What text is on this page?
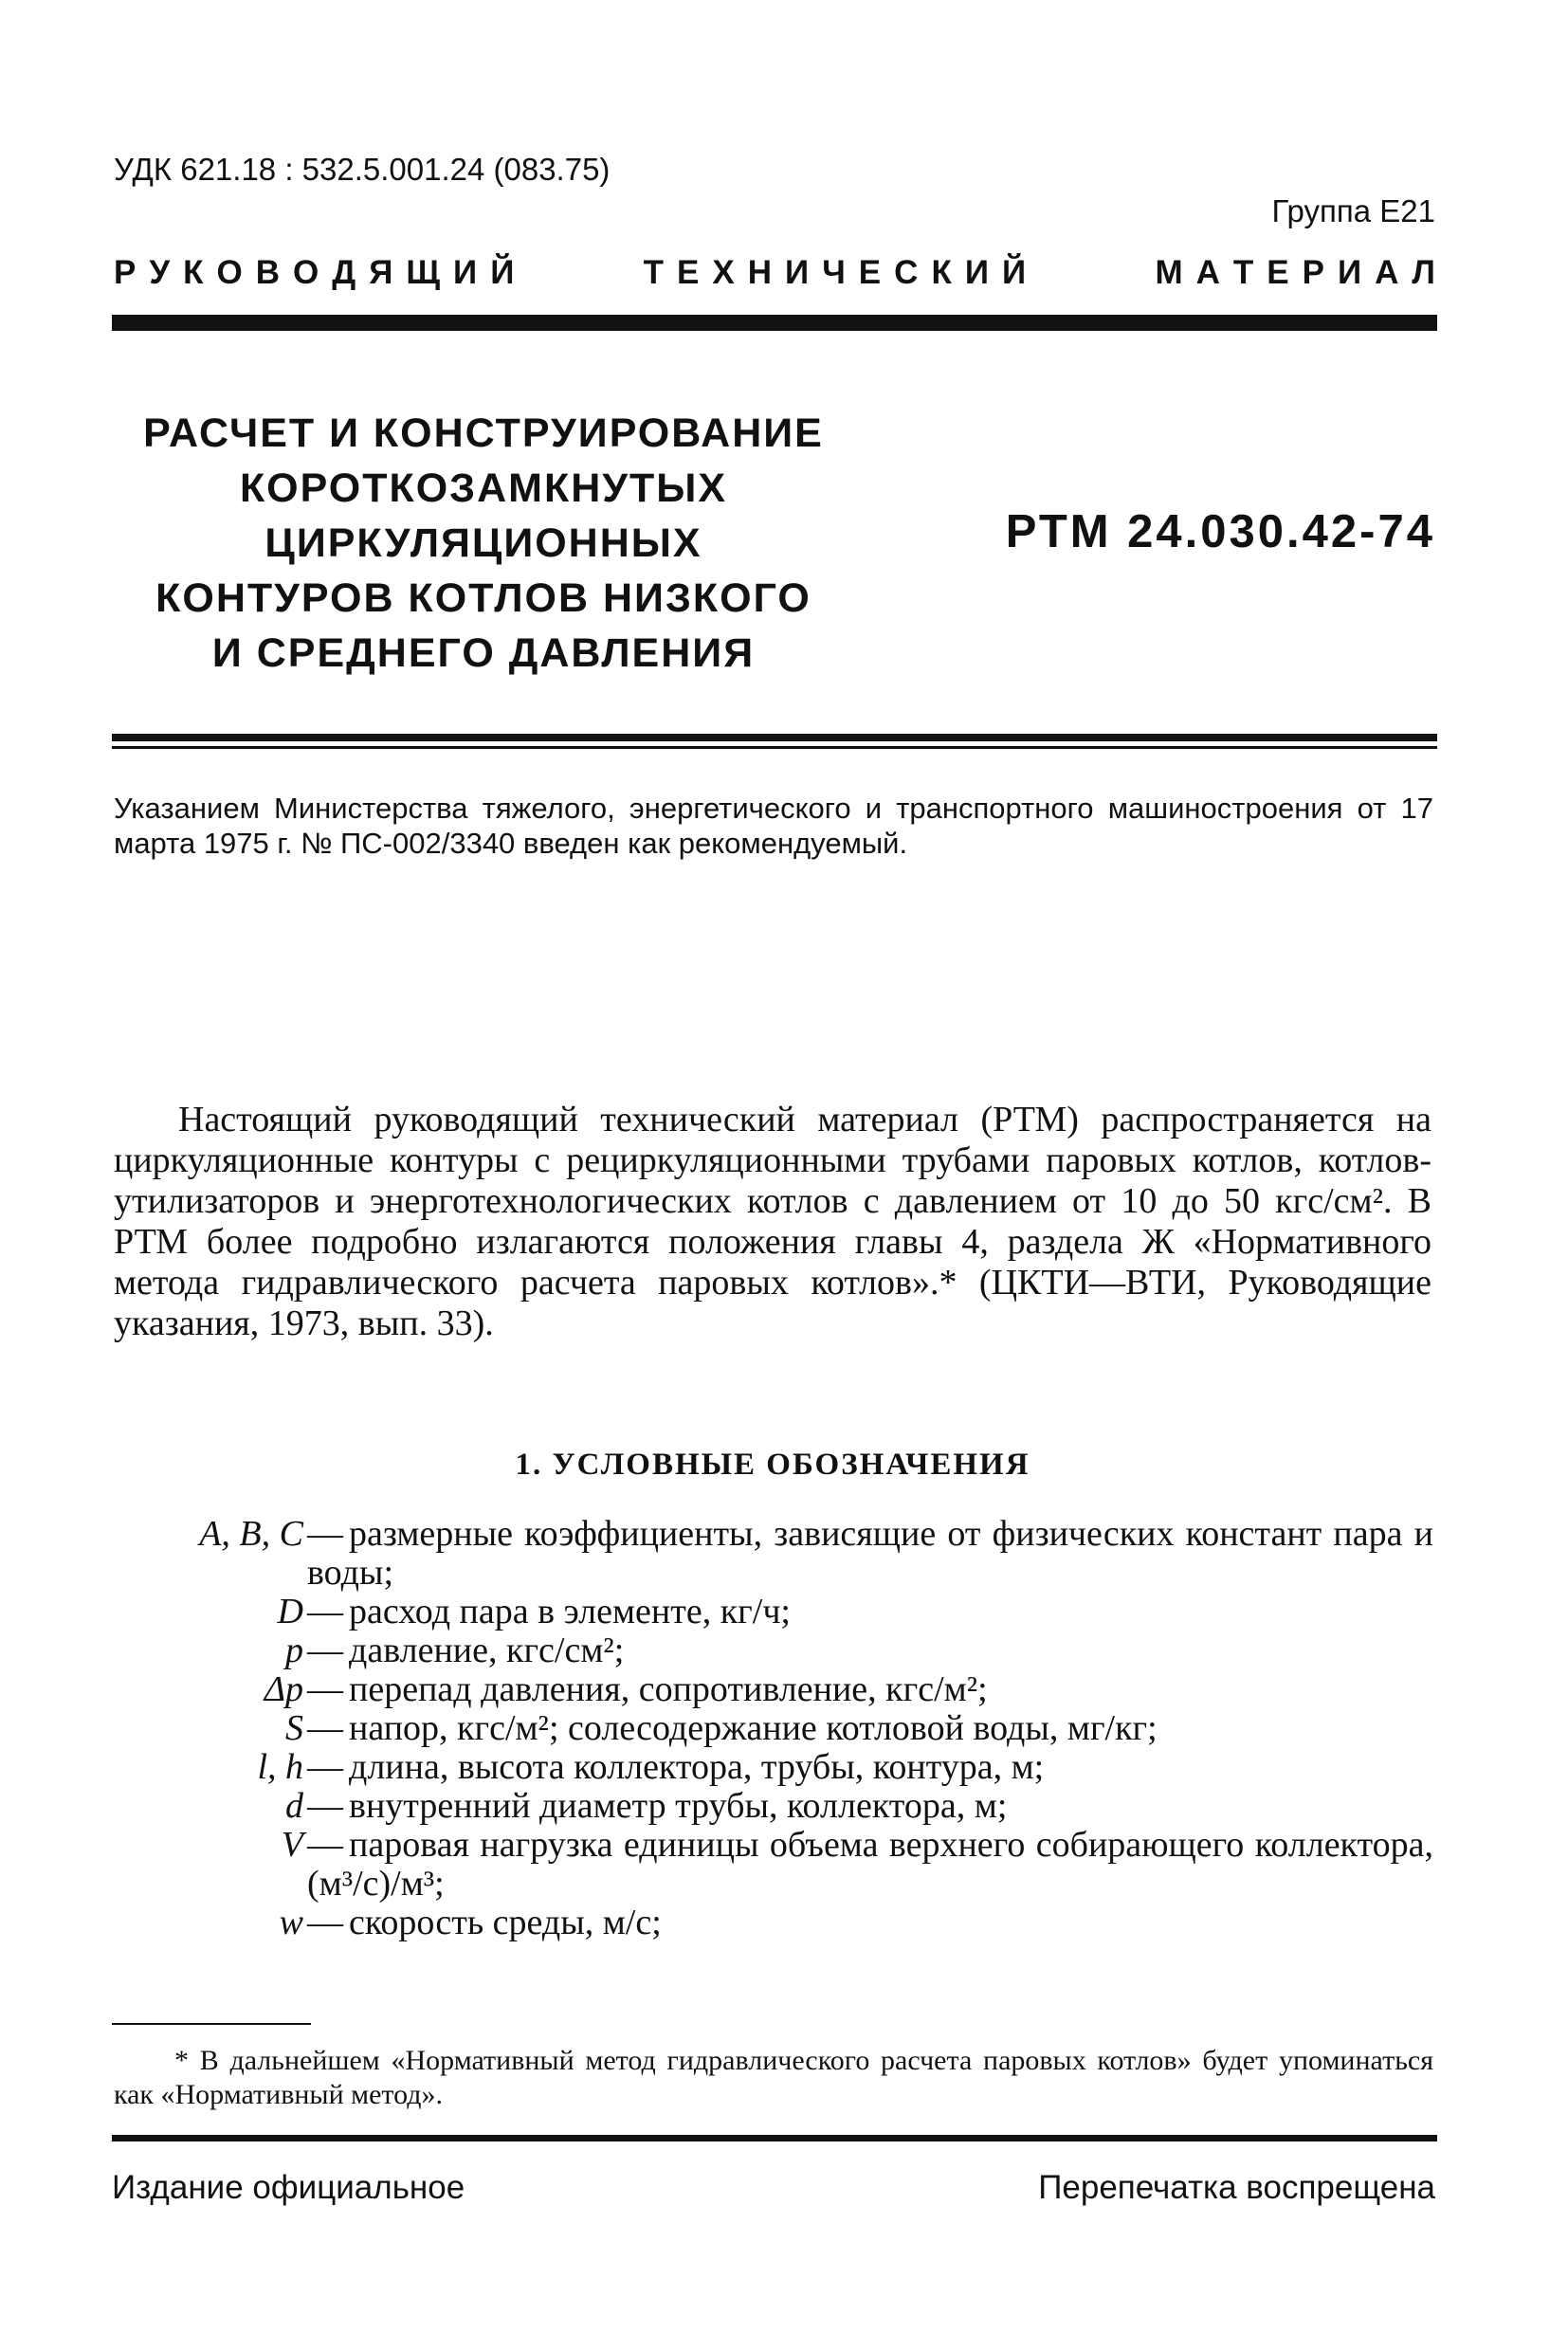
УДК 621.18 : 532.5.001.24 (083.75)
Группа Е21
Р У К О В О Д Я Щ И Й	Т Е Х Н И Ч Е С К И Й	М А Т Е Р И А Л
РАСЧЕТ И КОНСТРУИРОВАНИЕ
КОРОТКОЗАМКНУТЫХ
ЦИРКУЛЯЦИОННЫХ
КОНТУРОВ КОТЛОВ НИЗКОГО
И СРЕДНЕГО ДАВЛЕНИЯ
РТМ 24.030.42-74
Указанием Министерства тяжелого, энергетического и транспортного машиностроения от 17 марта 1975 г. № ПС-002/3340 введен как рекомендуемый.
Настоящий руководящий технический материал (РТМ) распространяется на циркуляционные контуры с рециркуляционными трубами паровых котлов, котлов-утилизаторов и энерготехнологических котлов с давлением от 10 до 50 кгс/см². В РТМ более подробно излагаются положения главы 4, раздела Ж «Нормативного метода гидравлического расчета паровых котлов».* (ЦКТИ—ВТИ, Руководящие указания, 1973, вып. 33).
1. УСЛОВНЫЕ ОБОЗНАЧЕНИЯ
A, B, C — размерные коэффициенты, зависящие от физических констант пара и воды;
D — расход пара в элементе, кг/ч;
p — давление, кгс/см²;
Δp — перепад давления, сопротивление, кгс/м²;
S — напор, кгс/м²; солесодержание котловой воды, мг/кг;
l, h — длина, высота коллектора, трубы, контура, м;
d — внутренний диаметр трубы, коллектора, м;
V — паровая нагрузка единицы объема верхнего собирающего коллектора, (м³/с)/м³;
w — скорость среды, м/с;
* В дальнейшем «Нормативный метод гидравлического расчета паровых котлов» будет упоминаться как «Нормативный метод».
Издание официальное	Перепечатка воспрещена
